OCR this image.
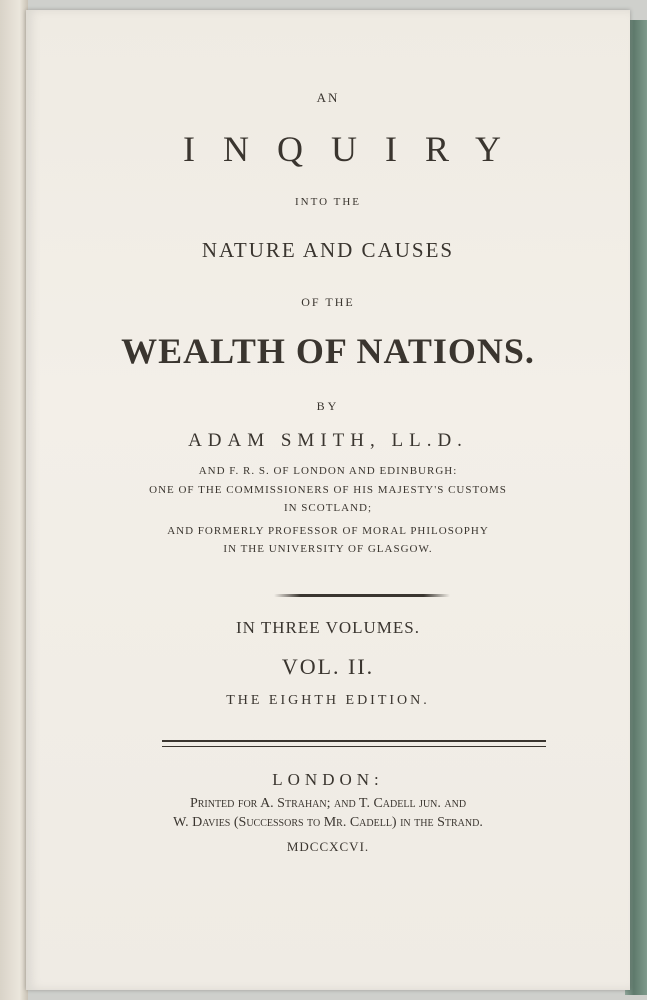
AN
INQUIRY
INTO THE
NATURE AND CAUSES
OF THE
WEALTH OF NATIONS.
BY
ADAM SMITH, LL.D.
AND F. R. S. OF LONDON AND EDINBURGH:
ONE OF THE COMMISSIONERS OF HIS MAJESTY'S CUSTOMS
IN SCOTLAND;
AND FORMERLY PROFESSOR OF MORAL PHILOSOPHY
IN THE UNIVERSITY OF GLASGOW.
IN THREE VOLUMES.
VOL. II.
THE EIGHTH EDITION.
LONDON:
Printed for A. Strahan; and T. Cadell jun. and
W. Davies (Successors to Mr. Cadell) in the Strand.
MDCCXCVI.
